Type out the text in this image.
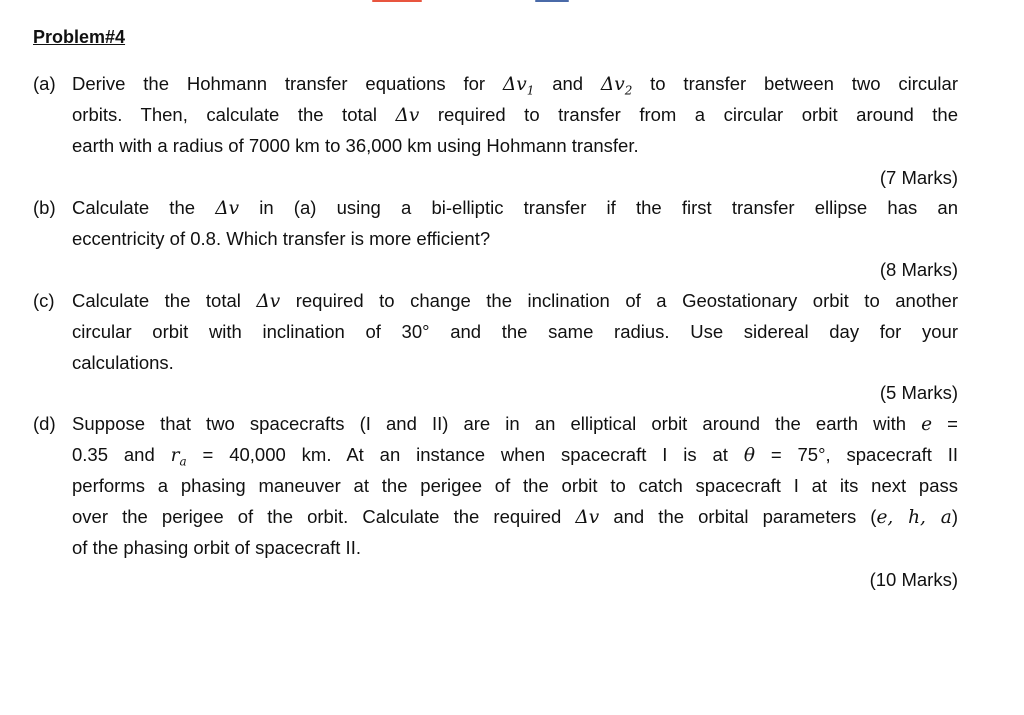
Problem#4
(a) Derive the Hohmann transfer equations for $\Delta v_1$ and $\Delta v_2$ to transfer between two circular
orbits. Then, calculate the total Δv required to transfer from a circular orbit around the
earth with a radius of 7000 km to 36,000 km using Hohmann transfer.
(7 Marks)
(b) Calculate the Δv in (a) using a bi-elliptic transfer if the first transfer ellipse has an
eccentricity of 0.8. Which transfer is more efficient?
(8 Marks)
(c) Calculate the total Δv required to change the inclination of a Geostationary orbit to another
circular orbit with inclination of 30° and the same radius. Use sidereal day for your
calculations.
(5 Marks)
(d) Suppose that two spacecrafts (I and II) are in an elliptical orbit around the earth with e =
0.35 and $r_a = 40,000$ km. At an instance when spacecraft I is at θ = 75°, spacecraft II
performs a phasing maneuver at the perigee of the orbit to catch spacecraft I at its next pass
over the perigee of the orbit. Calculate the required Δv and the orbital parameters (e, h, a)
of the phasing orbit of spacecraft II.
(10 Marks)
